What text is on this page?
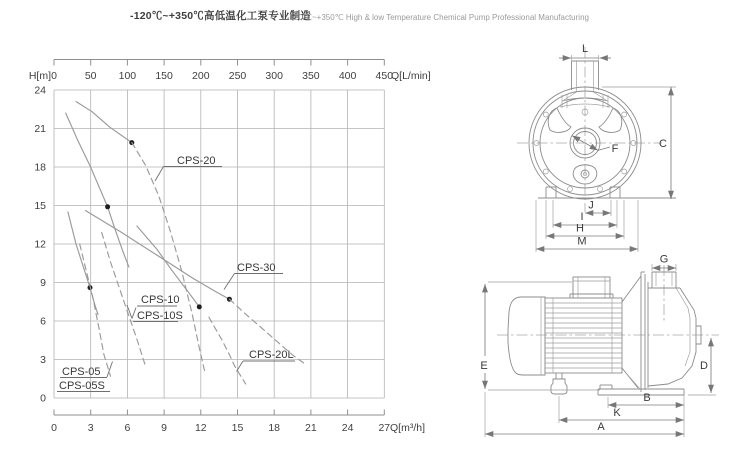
-120℃~+350℃高低温化工泵专业制造
-120℃~+350℃ High & low Temperature Chemical Pump Professional Manufacturing
0	50 100 150 200 250 300 350 400 450
H[m]	Q[L/min]
24
21
18
15
12
9
6
3
0
0	3	6	9	12 15 18 21 24 27 Q[m³/h]
CPS-20
CPS-30
CPS-10
CPS-10S
CPS-05
CPS-05S
CPS-20L
L
C
F
J
I
H
M
G
E	D
B
K
A
